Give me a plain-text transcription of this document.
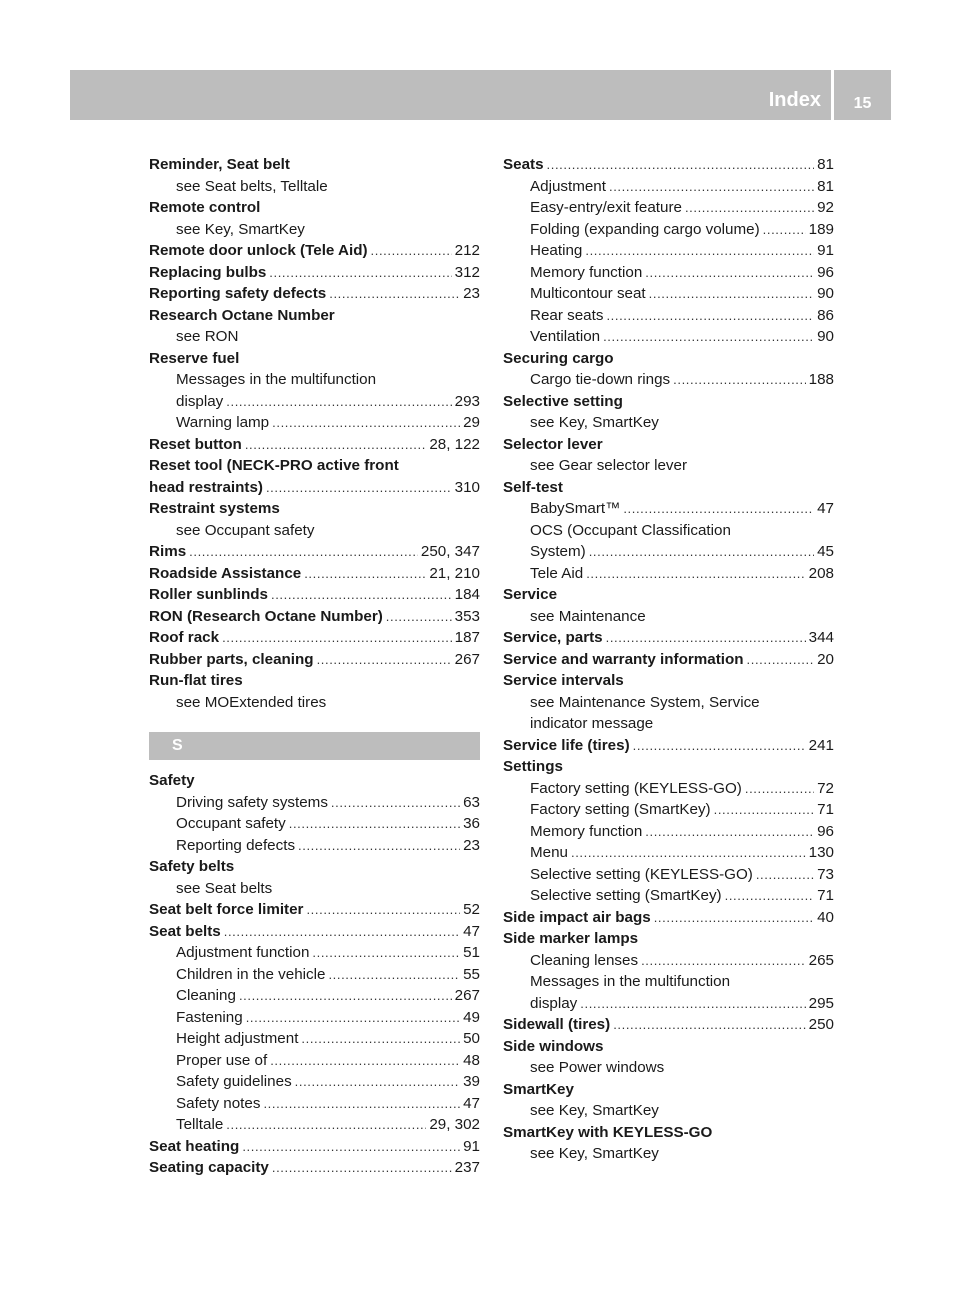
Index	15
Reminder, Seat belt
see Seat belts, Telltale
Remote control
see Key, SmartKey
Remote door unlock (Tele Aid) .....	212
Replacing bulbs .....	312
Reporting safety defects .....	23
Research Octane Number
see RON
Reserve fuel
Messages in the multifunction
display .....	293
Warning lamp .....	29
Reset button .....	28, 122
Reset tool (NECK-PRO active front
head restraints) .....	310
Restraint systems
see Occupant safety
Rims .....	250, 347
Roadside Assistance .....	21, 210
Roller sunblinds .....	184
RON (Research Octane Number) .....	353
Roof rack .....	187
Rubber parts, cleaning .....	267
Run-flat tires
see MOExtended tires
S
Safety
Driving safety systems .....	63
Occupant safety .....	36
Reporting defects .....	23
Safety belts
see Seat belts
Seat belt force limiter .....	52
Seat belts .....	47
Adjustment function .....	51
Children in the vehicle .....	55
Cleaning .....	267
Fastening .....	49
Height adjustment .....	50
Proper use of .....	48
Safety guidelines .....	39
Safety notes .....	47
Telltale .....	29, 302
Seat heating .....	91
Seating capacity .....	237
Seats .....	81
Adjustment .....	81
Easy-entry/exit feature .....	92
Folding (expanding cargo volume) .....	189
Heating .....	91
Memory function .....	96
Multicontour seat .....	90
Rear seats .....	86
Ventilation .....	90
Securing cargo
Cargo tie-down rings .....	188
Selective setting
see Key, SmartKey
Selector lever
see Gear selector lever
Self-test
BabySmart™ .....	47
OCS (Occupant Classification
System) .....	45
Tele Aid .....	208
Service
see Maintenance
Service, parts .....	344
Service and warranty information .....	20
Service intervals
see Maintenance System, Service
indicator message
Service life (tires) .....	241
Settings
Factory setting (KEYLESS-GO) .....	72
Factory setting (SmartKey) .....	71
Memory function .....	96
Menu .....	130
Selective setting (KEYLESS-GO) .....	73
Selective setting (SmartKey) .....	71
Side impact air bags .....	40
Side marker lamps
Cleaning lenses .....	265
Messages in the multifunction
display .....	295
Sidewall (tires) .....	250
Side windows
see Power windows
SmartKey
see Key, SmartKey
SmartKey with KEYLESS-GO
see Key, SmartKey
